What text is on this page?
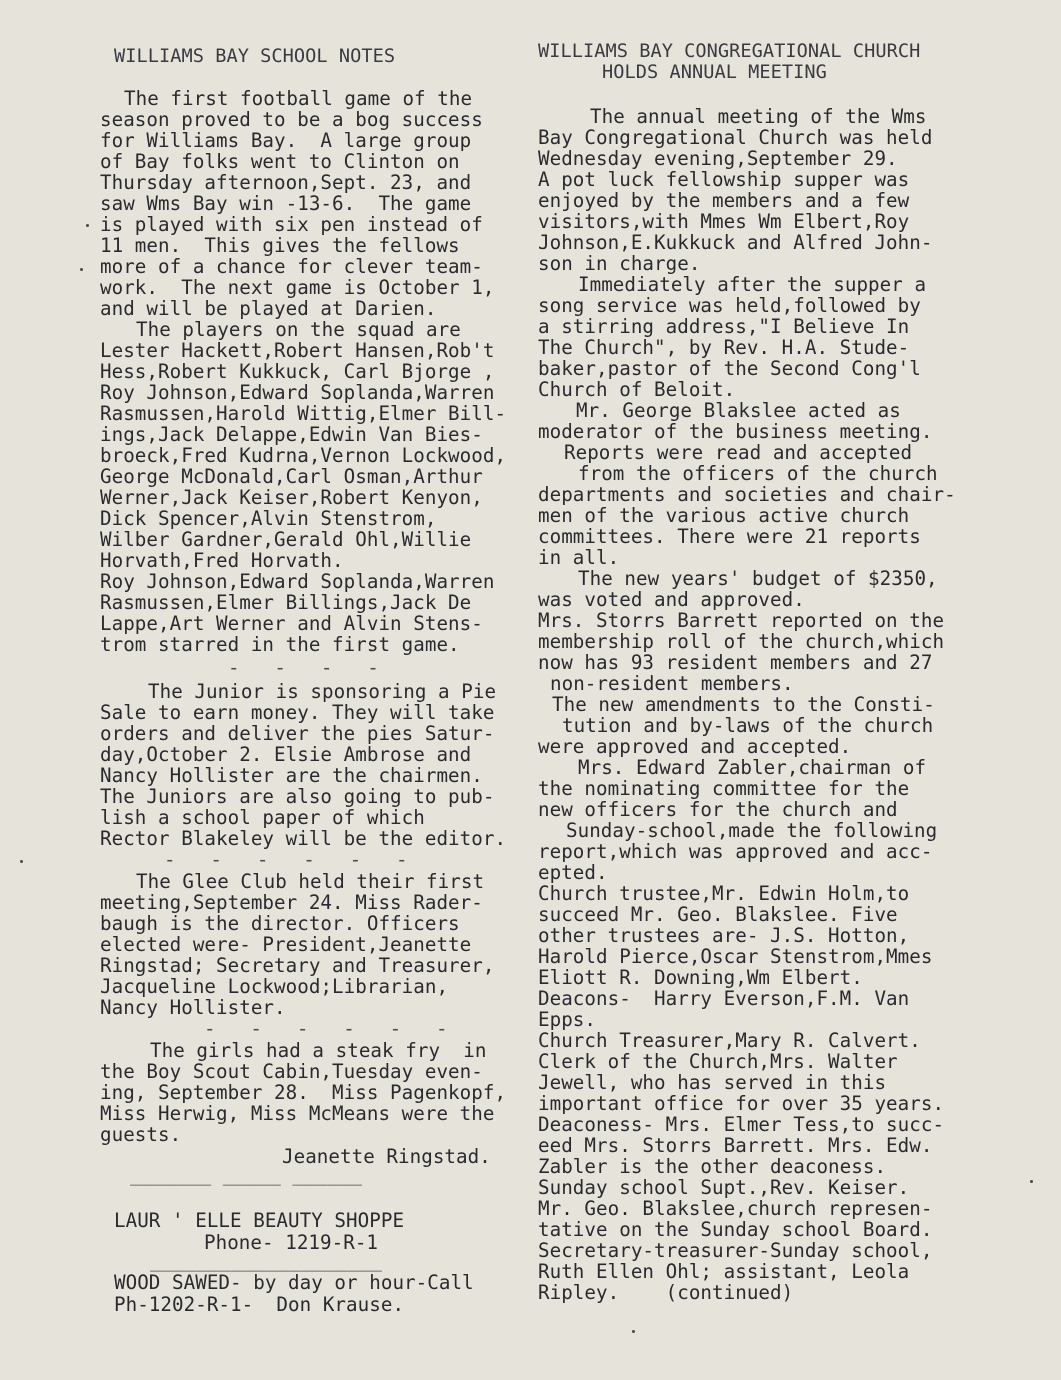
WILLIAMS BAY SCHOOL NOTES
The first football game of the
season proved to be a bog success
for Williams Bay.  A large group
of Bay folks went to Clinton on
Thursday afternoon,Sept. 23, and
saw Wms Bay win -13-6.  The game
is played with six pen instead of
11 men.  This gives the fellows
more of a chance for clever team-
work.  The next game is October 1,
and will be played at Darien.
The players on the squad are
Lester Hackett,Robert Hansen,Rob't
Hess,Robert Kukkuck, Carl Bjorge ,
Roy Johnson,Edward Soplanda,Warren
Rasmussen,Harold Wittig,Elmer Bill-
ings,Jack Delappe,Edwin Van Bies-
broeck,Fred Kudrna,Vernon Lockwood,
George McDonald,Carl Osman,Arthur
Werner,Jack Keiser,Robert Kenyon,
Dick Spencer,Alvin Stenstrom,
Wilber Gardner,Gerald Ohl,Willie
Horvath,Fred Horvath.
Roy Johnson,Edward Soplanda,Warren
Rasmussen,Elmer Billings,Jack De
Lappe,Art Werner and Alvin Stens-
trom starred in the first game.
-   -   -   -
The Junior is sponsoring a Pie
Sale to earn money. They will take
orders and deliver the pies Satur-
day,October 2. Elsie Ambrose and
Nancy Hollister are the chairmen.
The Juniors are also going to pub-
lish a school paper of which
Rector Blakeley will be the editor.
-   -   -   -   -   -
The Glee Club held their first
meeting,September 24. Miss Rader-
baugh is the director. Officers
elected were- President,Jeanette
Ringstad; Secretary and Treasurer,
Jacqueline Lockwood;Librarian,
Nancy Hollister.
-   -   -   -   -   -
The girls had a steak fry  in
the Boy Scout Cabin,Tuesday even-
ing, September 28.  Miss Pagenkopf,
Miss Herwig, Miss McMeans were the
guests.
Jeanette Ringstad.
_______ _____ ______
LAUR ' ELLE BEAUTY SHOPPE
Phone- 1219-R-1
____________________
WOOD SAWED- by day or hour-Call
Ph-1202-R-1-  Don Krause.
WILLIAMS BAY CONGREGATIONAL CHURCH
HOLDS ANNUAL MEETING
The annual meeting of the Wms
Bay Congregational Church was held
Wednesday evening,September 29.
A pot luck fellowship supper was
enjoyed by the members and a few
visitors,with Mmes Wm Elbert,Roy
Johnson,E.Kukkuck and Alfred John-
son in charge.
Immediately after the supper a
song service was held,followed by
a stirring address,"I Believe In
The Church", by Rev. H.A. Stude-
baker,pastor of the Second Cong'l
Church of Beloit.
Mr. George Blakslee acted as
moderator of the business meeting.
Reports were read and accepted
from the officers of the church
departments and societies and chair-
men of the various active church
committees. There were 21 reports
in all.
The new years' budget of $2350,
was voted and approved.
Mrs. Storrs Barrett reported on the
membership roll of the church,which
now has 93 resident members and 27
non-resident members.
The new amendments to the Consti-
tution and by-laws of the church
were approved and accepted.
Mrs. Edward Zabler,chairman of
the nominating committee for the
new officers for the church and
Sunday-school,made the following
report,which was approved and acc-
epted.
Church trustee,Mr. Edwin Holm,to
succeed Mr. Geo. Blakslee. Five
other trustees are- J.S. Hotton,
Harold Pierce,Oscar Stenstrom,Mmes
Eliott R. Downing,Wm Elbert.
Deacons-  Harry Everson,F.M. Van
Epps.
Church Treasurer,Mary R. Calvert.
Clerk of the Church,Mrs. Walter
Jewell, who has served in this
important office for over 35 years.
Deaconess- Mrs. Elmer Tess,to succ-
eed Mrs. Storrs Barrett. Mrs. Edw.
Zabler is the other deaconess.
Sunday school Supt.,Rev. Keiser.
Mr. Geo. Blakslee,church represen-
tative on the Sunday school Board.
Secretary-treasurer-Sunday school,
Ruth Ellen Ohl; assistant, Leola
Ripley.    (continued)
